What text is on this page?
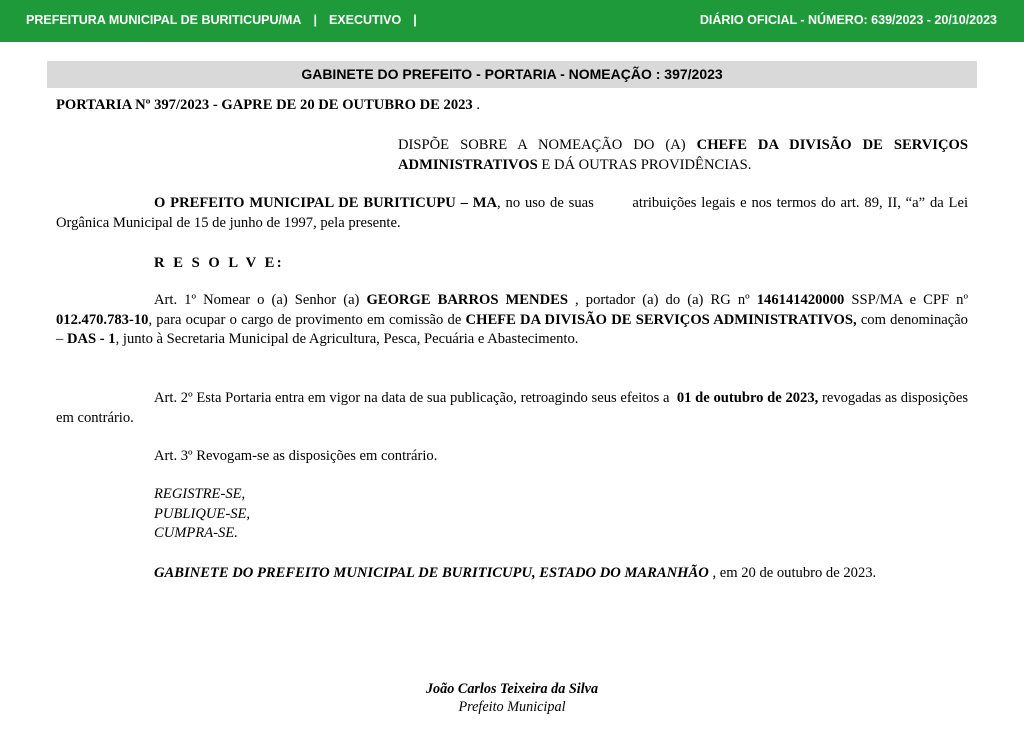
PREFEITURA MUNICIPAL DE BURITICUPU/MA | EXECUTIVO |	DIÁRIO OFICIAL - NÚMERO: 639/2023 - 20/10/2023
GABINETE DO PREFEITO - PORTARIA - NOMEAÇÃO : 397/2023
PORTARIA Nº 397/2023 - GAPRE DE 20 DE OUTUBRO DE 2023 .
DISPÕE SOBRE A NOMEAÇÃO DO (A) CHEFE DA DIVISÃO DE SERVIÇOS ADMINISTRATIVOS E DÁ OUTRAS PROVIDÊNCIAS.
O PREFEITO MUNICIPAL DE BURITICUPU – MA, no uso de suas        atribuições legais e nos termos do art. 89, II, “a” da Lei Orgânica Municipal de 15 de junho de 1997, pela presente.
R E S O L V E:
Art. 1º Nomear o (a) Senhor (a) GEORGE BARROS MENDES , portador (a) do (a) RG nº 146141420000 SSP/MA e CPF nº 012.470.783-10, para ocupar o cargo de provimento em comissão de CHEFE DA DIVISÃO DE SERVIÇOS ADMINISTRATIVOS, com denominação – DAS - 1, junto à Secretaria Municipal de Agricultura, Pesca, Pecuária e Abastecimento.
Art. 2º Esta Portaria entra em vigor na data de sua publicação, retroagindo seus efeitos a  01 de outubro de 2023, revogadas as disposições em contrário.
Art. 3º Revogam-se as disposições em contrário.
REGISTRE-SE,
PUBLIQUE-SE,
CUMPRA-SE.
GABINETE DO PREFEITO MUNICIPAL DE BURITICUPU, ESTADO DO MARANHÃO , em 20 de outubro de 2023.
João Carlos Teixeira da Silva
Prefeito Municipal
